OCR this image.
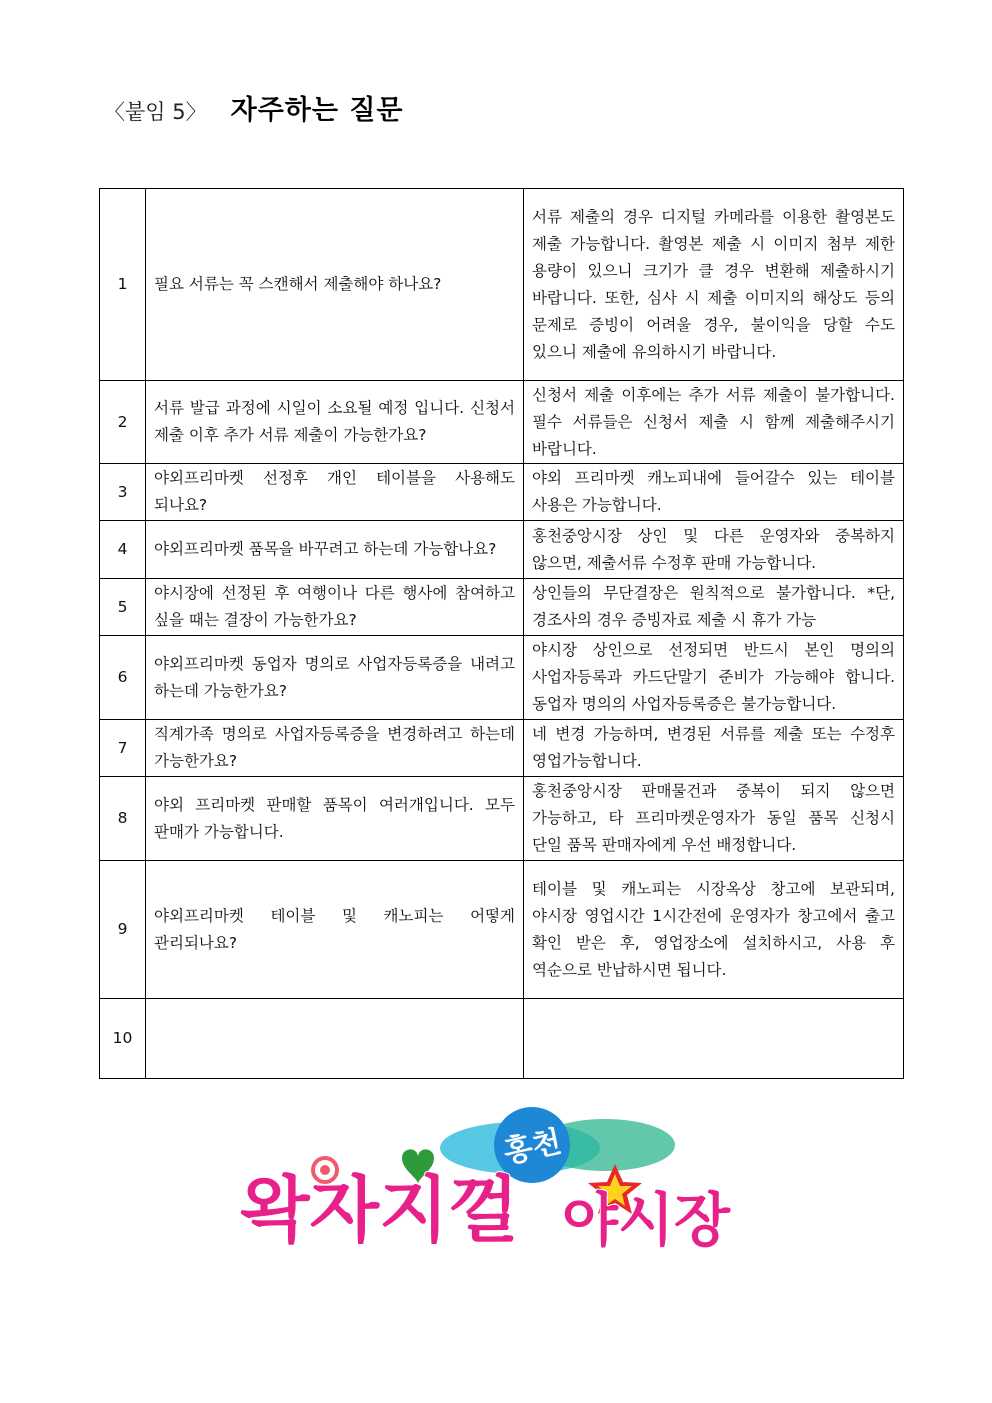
〈붙임 5〉 자주하는 질문
1	필요 서류는 꼭 스캔해서 제출해야 하나요?	서류 제출의 경우 디지털 카메라를 이용한 촬영본도 제출 가능합니다. 촬영본 제출 시 이미지 첨부 제한 용량이 있으니 크기가 클 경우 변환해 제출하시기 바랍니다. 또한, 심사 시 제출 이미지의 해상도 등의 문제로 증빙이 어려울 경우, 불이익을 당할 수도 있으니 제출에 유의하시기 바랍니다.
2	서류 발급 과정에 시일이 소요될 예정 입니다. 신청서 제출 이후 추가 서류 제출이 가능한가요?	신청서 제출 이후에는 추가 서류 제출이 불가합니다. 필수 서류들은 신청서 제출 시 함께 제출해주시기 바랍니다.
3	야외프리마켓 선정후 개인 테이블을 사용해도 되나요?	야외 프리마켓 캐노피내에 들어갈수 있는 테이블 사용은 가능합니다.
4	야외프리마켓 품목을 바꾸려고 하는데 가능합나요?	홍천중앙시장 상인 및 다른 운영자와 중복하지 않으면, 제출서류 수정후 판매 가능합니다.
5	야시장에 선정된 후 여행이나 다른 행사에 참여하고 싶을 때는 결장이 가능한가요?	상인들의 무단결장은 원칙적으로 불가합니다. *단, 경조사의 경우 증빙자료 제출 시 휴가 가능
6	야외프리마켓 동업자 명의로 사업자등록증을 내려고 하는데 가능한가요?	야시장 상인으로 선정되면 반드시 본인 명의의 사업자등록과 카드단말기 준비가 가능해야 합니다. 동업자 명의의 사업자등록증은 불가능합니다.
7	직계가족 명의로 사업자등록증을 변경하려고 하는데 가능한가요?	네 변경 가능하며, 변경된 서류를 제출 또는 수정후 영업가능합니다.
8	야외 프리마켓 판매할 품목이 여러개입니다. 모두 판매가 가능합니다.	홍천중앙시장 판매물건과 중복이 되지 않으면 가능하고, 타 프리마켓운영자가 동일 품목 신청시 단일 품목 판매자에게 우선 배정합니다.
9	야외프리마켓 테이블 및 캐노피는 어떻게 관리되나요?	테이블 및 캐노피는 시장옥상 창고에 보관되며, 야시장 영업시간 1시간전에 운영자가 창고에서 출고 확인 받은 후, 영업장소에 설치하시고, 사용 후 역순으로 반납하시면 됩니다.
10		
홍천
왁자지껄 야시장
